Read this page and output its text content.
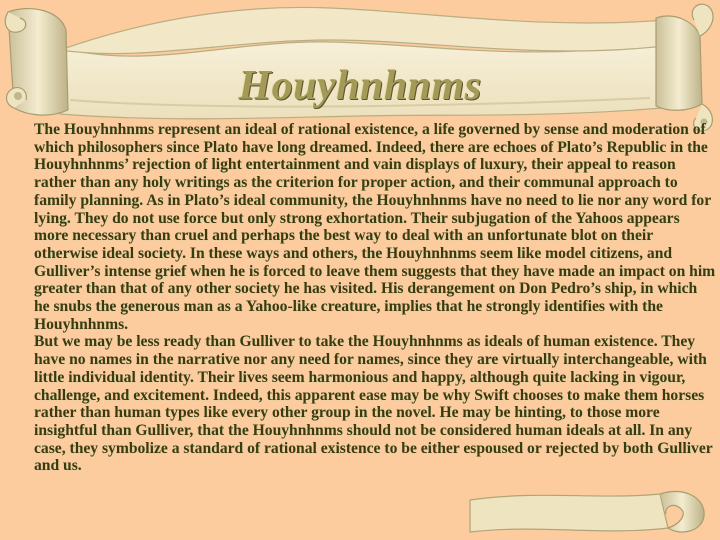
Houyhnhnms

The Houyhnhnms represent an ideal of rational existence, a life governed by sense and moderation of which philosophers since Plato have long dreamed. Indeed, there are echoes of Plato’s Republic in the Houyhnhnms’ rejection of light entertainment and vain displays of luxury, their appeal to reason rather than any holy writings as the criterion for proper action, and their communal approach to family planning. As in Plato’s ideal community, the Houyhnhnms have no need to lie nor any word for lying. They do not use force but only strong exhortation. Their subjugation of the Yahoos appears more necessary than cruel and perhaps the best way to deal with an unfortunate blot on their otherwise ideal society. In these ways and others, the Houyhnhnms seem like model citizens, and Gulliver’s intense grief when he is forced to leave them suggests that they have made an impact on him greater than that of any other society he has visited. His derangement on Don Pedro’s ship, in which he snubs the generous man as a Yahoo-like creature, implies that he strongly identifies with the Houyhnhnms.

But we may be less ready than Gulliver to take the Houyhnhnms as ideals of human existence. They have no names in the narrative nor any need for names, since they are virtually interchangeable, with little individual identity. Their lives seem harmonious and happy, although quite lacking in vigour, challenge, and excitement. Indeed, this apparent ease may be why Swift chooses to make them horses rather than human types like every other group in the novel. He may be hinting, to those more insightful than Gulliver, that the Houyhnhnms should not be considered human ideals at all. In any case, they symbolize a standard of rational existence to be either espoused or rejected by both Gulliver and us.
